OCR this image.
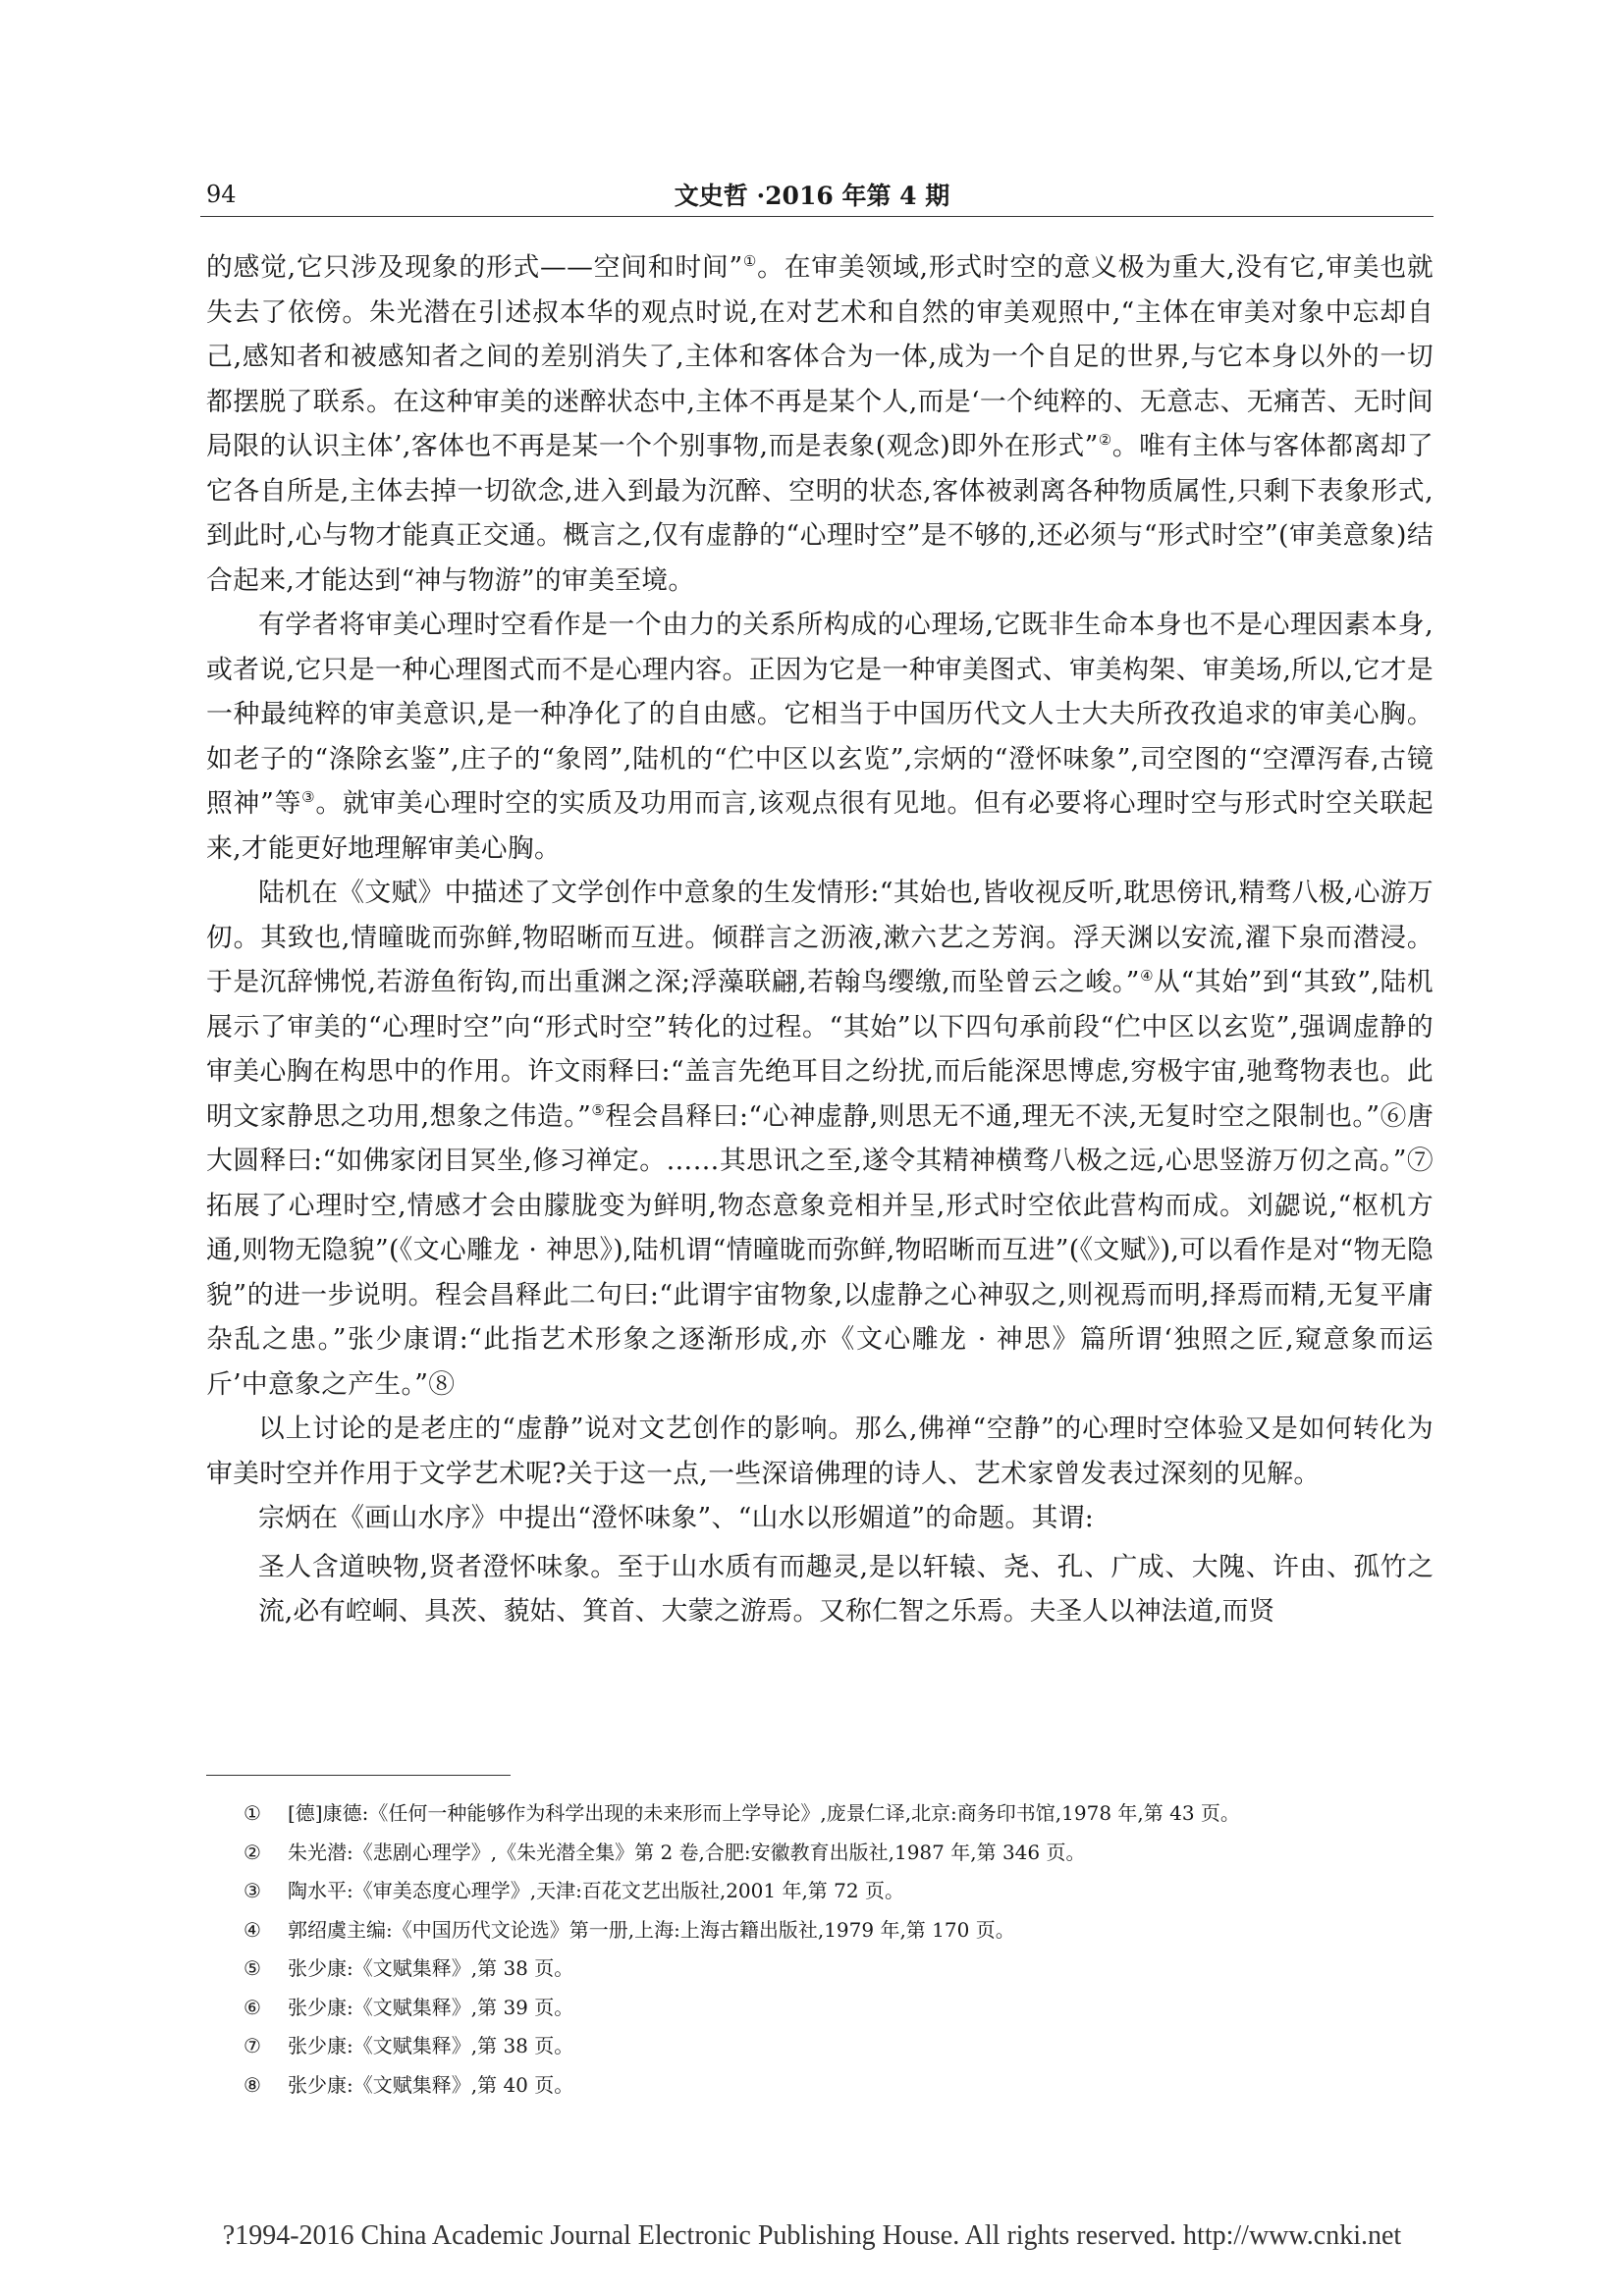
94	文史哲 ·2016 年第 4 期

的感觉,它只涉及现象的形式——空间和时间”①。在审美领域,形式时空的意义极为重大,没有它,审美也就失去了依傍。朱光潜在引述叔本华的观点时说,在对艺术和自然的审美观照中,“主体在审美对象中忘却自己,感知者和被感知者之间的差别消失了,主体和客体合为一体,成为一个自足的世界,与它本身以外的一切都摆脱了联系。在这种审美的迷醉状态中,主体不再是某个人,而是‘一个纯粹的、无意志、无痛苦、无时间局限的认识主体’,客体也不再是某一个个别事物,而是表象(观念)即外在形式”②。唯有主体与客体都离却了它各自所是,主体去掉一切欲念,进入到最为沉醉、空明的状态,客体被剥离各种物质属性,只剩下表象形式,到此时,心与物才能真正交通。概言之,仅有虚静的“心理时空”是不够的,还必须与“形式时空”(审美意象)结合起来,才能达到“神与物游”的审美至境。

有学者将审美心理时空看作是一个由力的关系所构成的心理场,它既非生命本身也不是心理因素本身,或者说,它只是一种心理图式而不是心理内容。正因为它是一种审美图式、审美构架、审美场,所以,它才是一种最纯粹的审美意识,是一种净化了的自由感。它相当于中国历代文人士大夫所孜孜追求的审美心胸。如老子的“涤除玄鉴”,庄子的“象罔”,陆机的“伫中区以玄览”,宗炳的“澄怀味象”,司空图的“空潭泻春,古镜照神”等③。就审美心理时空的实质及功用而言,该观点很有见地。但有必要将心理时空与形式时空关联起来,才能更好地理解审美心胸。

陆机在《文赋》中描述了文学创作中意象的生发情形:“其始也,皆收视反听,耽思傍讯,精骛八极,心游万仞。其致也,情曈昽而弥鲜,物昭晰而互进。倾群言之沥液,漱六艺之芳润。浮天渊以安流,濯下泉而潜浸。于是沉辞怫悦,若游鱼衔钩,而出重渊之深;浮藻联翩,若翰鸟缨缴,而坠曾云之峻。”④从“其始”到“其致”,陆机展示了审美的“心理时空”向“形式时空”转化的过程。“其始”以下四句承前段“伫中区以玄览”,强调虚静的审美心胸在构思中的作用。许文雨释曰:“盖言先绝耳目之纷扰,而后能深思博虑,穷极宇宙,驰骛物表也。此明文家静思之功用,想象之伟造。”⑤程会昌释曰:“心神虚静,则思无不通,理无不浃,无复时空之限制也。”⑥唐大圆释曰:“如佛家闭目冥坐,修习禅定。……其思讯之至,遂令其精神横骛八极之远,心思竖游万仞之高。”⑦拓展了心理时空,情感才会由朦胧变为鲜明,物态意象竞相并呈,形式时空依此营构而成。刘勰说,“枢机方通,则物无隐貌”(《文心雕龙 · 神思》),陆机谓“情曈昽而弥鲜,物昭晰而互进”(《文赋》),可以看作是对“物无隐貌”的进一步说明。程会昌释此二句曰:“此谓宇宙物象,以虚静之心神驭之,则视焉而明,择焉而精,无复平庸杂乱之患。”张少康谓:“此指艺术形象之逐渐形成,亦《文心雕龙 · 神思》篇所谓‘独照之匠,窥意象而运斤’中意象之产生。”⑧

以上讨论的是老庄的“虚静”说对文艺创作的影响。那么,佛禅“空静”的心理时空体验又是如何转化为审美时空并作用于文学艺术呢?关于这一点,一些深谙佛理的诗人、艺术家曾发表过深刻的见解。

宗炳在《画山水序》中提出“澄怀味象”、“山水以形媚道”的命题。其谓:

圣人含道映物,贤者澄怀味象。至于山水质有而趣灵,是以轩辕、尧、孔、广成、大隗、许由、孤竹之流,必有崆峒、具茨、藐姑、箕首、大蒙之游焉。又称仁智之乐焉。夫圣人以神法道,而贤

① [德]康德:《任何一种能够作为科学出现的未来形而上学导论》,庞景仁译,北京:商务印书馆,1978 年,第 43 页。
② 朱光潜:《悲剧心理学》,《朱光潜全集》第 2 卷,合肥:安徽教育出版社,1987 年,第 346 页。
③ 陶水平:《审美态度心理学》,天津:百花文艺出版社,2001 年,第 72 页。
④ 郭绍虞主编:《中国历代文论选》第一册,上海:上海古籍出版社,1979 年,第 170 页。
⑤ 张少康:《文赋集释》,第 38 页。
⑥ 张少康:《文赋集释》,第 39 页。
⑦ 张少康:《文赋集释》,第 38 页。
⑧ 张少康:《文赋集释》,第 40 页。
?1994-2016 China Academic Journal Electronic Publishing House. All rights reserved. http://www.cnki.net
